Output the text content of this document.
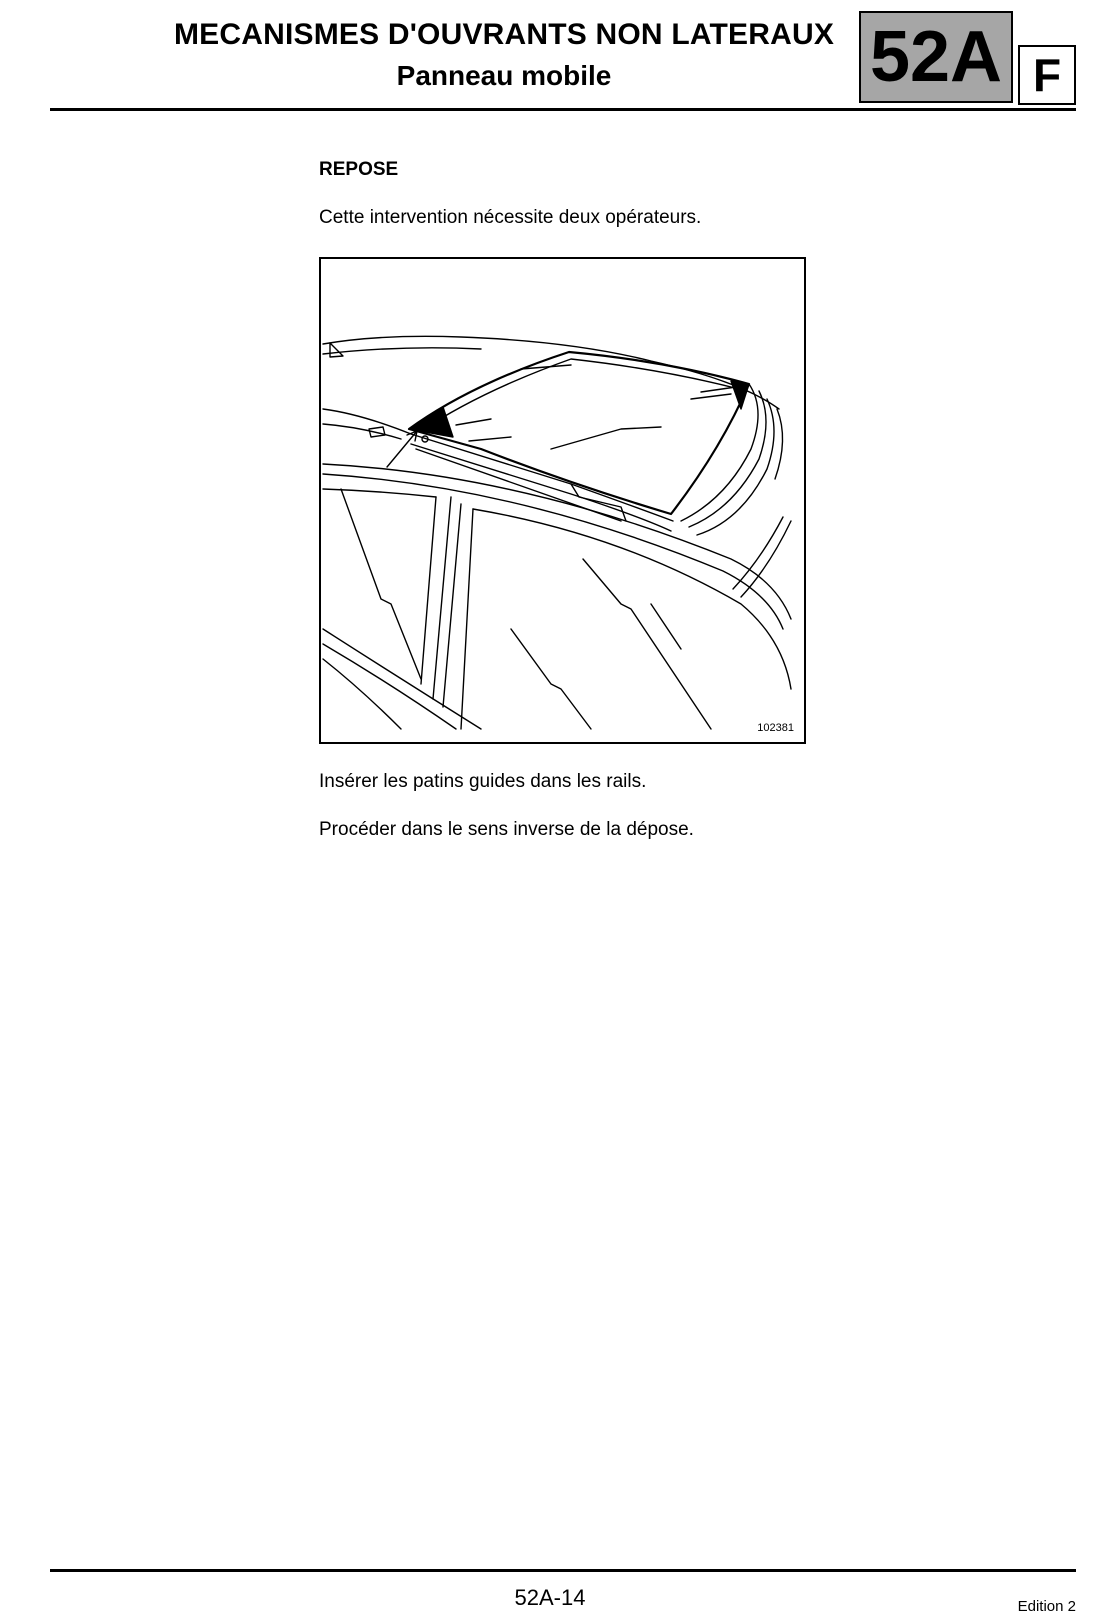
MECANISMES D'OUVRANTS NON LATERAUX
Panneau mobile	52A F
REPOSE
Cette intervention nécessite deux opérateurs.
102381
Insérer les patins guides dans les rails.
Procéder dans le sens inverse de la dépose.
52A-14	Edition 2
